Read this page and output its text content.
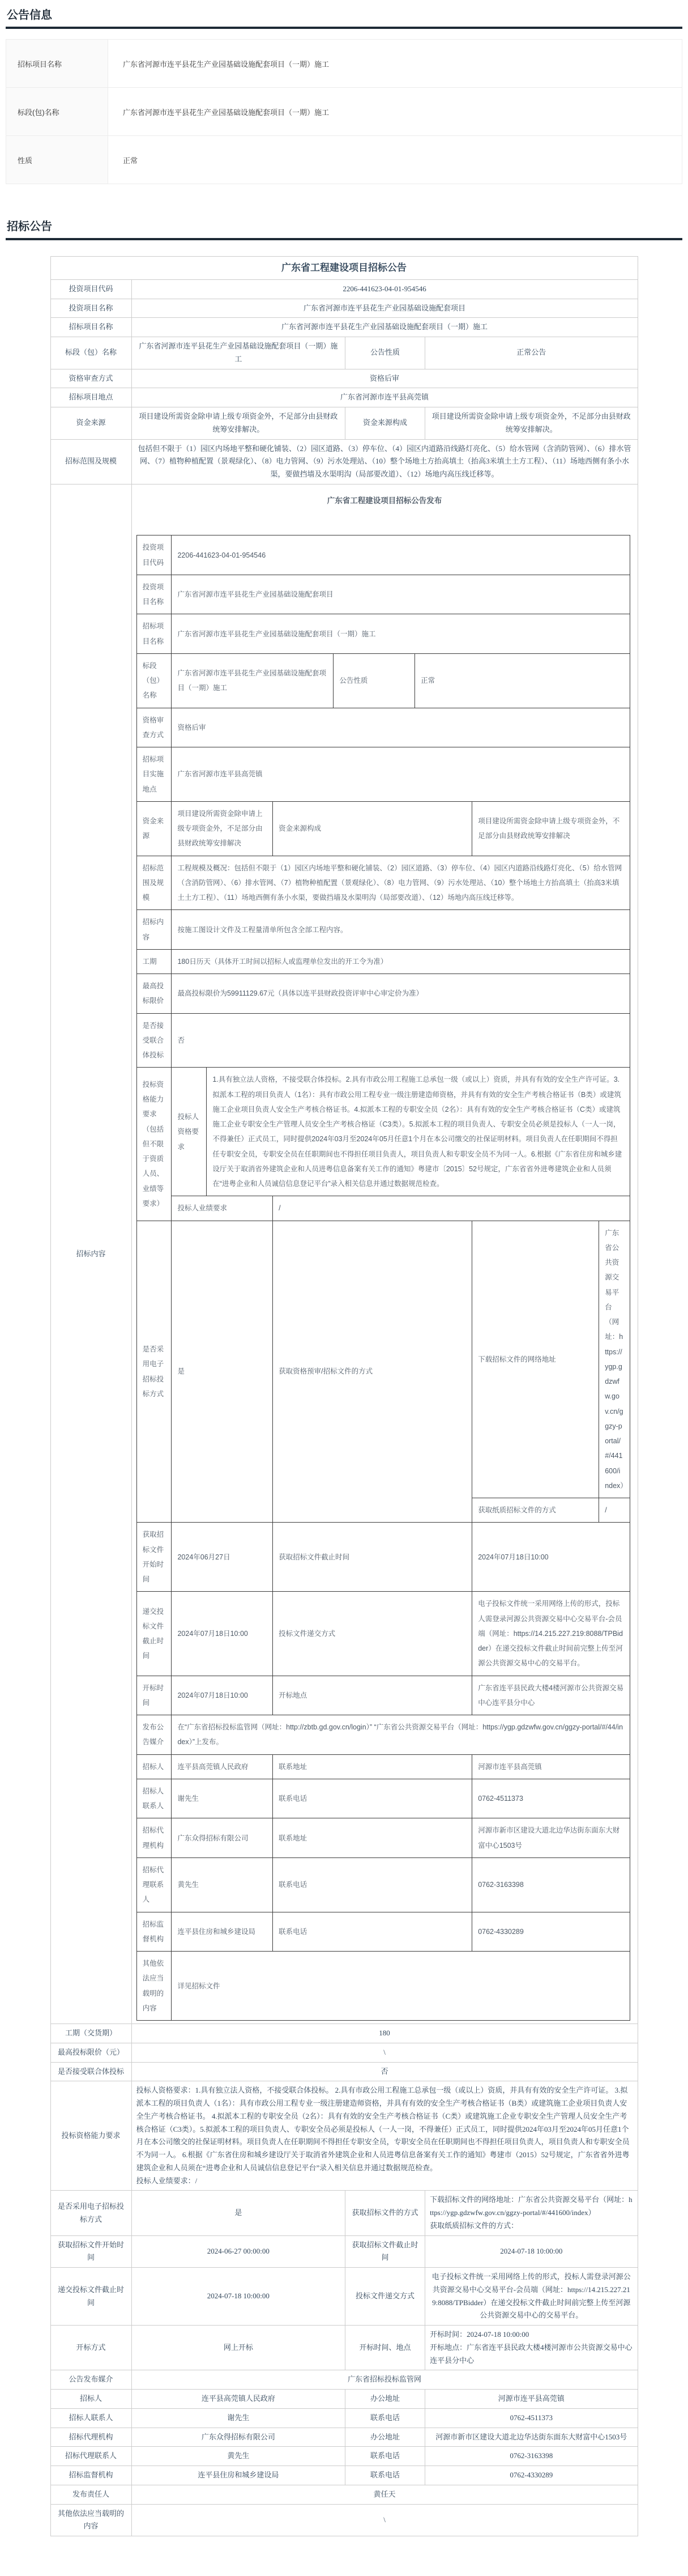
公告信息
招标项目名称	广东省河源市连平县花生产业园基础设施配套项目（一期）施工
标段(包)名称	广东省河源市连平县花生产业园基础设施配套项目（一期）施工
性质	正常
招标公告
广东省工程建设项目招标公告
投资项目代码	2206-441623-04-01-954546
投资项目名称	广东省河源市连平县花生产业园基础设施配套项目
招标项目名称	广东省河源市连平县花生产业园基础设施配套项目（一期）施工
标段（包）名称	广东省河源市连平县花生产业园基础设施配套项目（一期）施工	公告性质	正常公告
资格审查方式	资格后审
招标项目地点	广东省河源市连平县高莞镇
资金来源	项目建设所需资金除申请上级专项资金外，不足部分由县财政统筹安排解决。	资金来源构成	项目建设所需资金除申请上级专项资金外，不足部分由县财政统筹安排解决。
招标范围及规模	包括但不限于（1）园区内场地平整和硬化铺装、（2）园区道路、（3）停车位、（4）园区内道路沿线路灯亮化、（5）给水管网（含消防管网）、（6）排水管网、（7）植物种植配置（景观绿化）、（8）电力管网、（9）污水处理站、（10）整个场地土方抬高填土（抬高3米填土土方工程）、（11）场地西侧有条小水渠，要做挡墙及水渠明沟（局部要改道）、（12）场地内高压线迁移等。
招标内容	
广东省工程建设项目招标公告发布
投资项目代码	2206-441623-04-01-954546
投资项目名称	广东省河源市连平县花生产业园基础设施配套项目
招标项目名称	广东省河源市连平县花生产业园基础设施配套项目（一期）施工
标段（包）名称	广东省河源市连平县花生产业园基础设施配套项目（一期）施工	公告性质	正常
资格审查方式	资格后审
招标项目实施地点	广东省河源市连平县高莞镇
资金来源	项目建设所需资金除申请上级专项资金外，不足部分由县财政统筹安排解决	资金来源构成	项目建设所需资金除申请上级专项资金外，不足部分由县财政统筹安排解决
招标范围及规模	工程规模及概况：包括但不限于（1）园区内场地平整和硬化铺装、（2）园区道路、（3）停车位、（4）园区内道路沿线路灯亮化、（5）给水管网（含消防管网）、（6）排水管网、（7）植物种植配置（景观绿化）、（8）电力管网、（9）污水处理站、（10）整个场地土方抬高填土（抬高3米填土土方工程）、（11）场地西侧有条小水渠，要做挡墙及水渠明沟（局部要改道）、（12）场地内高压线迁移等。
招标内容	按施工图设计文件及工程量清单所包含全部工程内容。
工期	180日历天（具体开工时间以招标人或监理单位发出的开工令为准）
最高投标限价	最高投标限价为59911129.67元（具体以连平县财政投资评审中心审定价为准）
是否接受联合体投标	否
投标资格能力要求（包括但不限于资质人员、业绩等要求）	投标人资格要求	1.具有独立法人资格，不接受联合体投标。2.具有市政公用工程施工总承包一级（或以上）资质，并具有有效的安全生产许可证。3.拟派本工程的项目负责人（1名）：具有市政公用工程专业一级注册建造师资格，并具有有效的安全生产考核合格证书（B类）或建筑施工企业项目负责人安全生产考核合格证书。4.拟派本工程的专职安全员（2名）：具有有效的安全生产考核合格证书（C类）或建筑施工企业专职安全生产管理人员安全生产考核合格证（C3类）。5.拟派本工程的项目负责人、专职安全员必须是投标人（一人一岗，不得兼任）正式员工，同时提供2024年03月至2024年05月任意1个月在本公司缴交的社保证明材料。项目负责人在任职期间不得担任专职安全员，专职安全员在任职期间也不得担任项目负责人，项目负责人和专职安全员不为同一人。6.根据《广东省住房和城乡建设厅关于取消省外建筑企业和人员进粤信息备案有关工作的通知》粤建市〔2015〕52号规定，广东省省外进粤建筑企业和人员须在“进粤企业和人员诚信信息登记平台”录入相关信息并通过数据规范检查。
投标人业绩要求	/
是否采用电子招标投标方式	是	获取资格预审/招标文件的方式	下载招标文件的网络地址	广东省公共资源交易平台（网址：https://ygp.gdzwfw.gov.cn/ggzy-portal/#/441600/index）
获取纸质招标文件的方式	/
获取招标文件开始时间	2024年06月27日	获取招标文件截止时间	2024年07月18日10:00
递交投标文件截止时间	2024年07月18日10:00	投标文件递交方式	电子投标文件统一采用网络上传的形式，投标人需登录河源公共资源交易中心交易平台-会员端（网址：https://14.215.227.219:8088/TPBidder）在递交投标文件截止时间前完整上传至河源公共资源交易中心的交易平台。
开标时间	2024年07月18日10:00	开标地点	广东省连平县民政大楼4楼河源市公共资源交易中心连平县分中心
发布公告媒介	在“广东省招标投标监管网（网址：http://zbtb.gd.gov.cn/login）” “广东省公共资源交易平台（网址：https://ygp.gdzwfw.gov.cn/ggzy-portal/#/44/index）”上发布。
招标人	连平县高莞镇人民政府	联系地址	河源市连平县高莞镇
招标人联系人	谢先生	联系电话	0762-4511373
招标代理机构	广东众得招标有限公司	联系地址	河源市新市区建设大道北边华达街东面东大财富中心1503号
招标代理联系人	黄先生	联系电话	0762-3163398
招标监督机构	连平县住房和城乡建设局	联系电话	0762-4330289
其他依法应当载明的内容	详见招标文件

工期（交货期）	180
最高投标限价（元）	\
是否接受联合体投标	否
投标资格能力要求	
投标人资格要求：1.具有独立法人资格，不接受联合体投标。 2.具有市政公用工程施工总承包一级（或以上）资质，并具有有效的安全生产许可证。 3.拟派本工程的项目负责人（1名）：具有市政公用工程专业一级注册建造师资格，并具有有效的安全生产考核合格证书（B类）或建筑施工企业项目负责人安全生产考核合格证书。 4.拟派本工程的专职安全员（2名）：具有有效的安全生产考核合格证书（C类）或建筑施工企业专职安全生产管理人员安全生产考核合格证（C3类）。5.拟派本工程的项目负责人、专职安全员必须是投标人（一人一岗，不得兼任）正式员工，同时提供2024年03月至2024年05月任意1个月在本公司缴交的社保证明材料。项目负责人在任职期间不得担任专职安全员，专职安全员在任职期间也不得担任项目负责人，项目负责人和专职安全员不为同一人。 6.根据《广东省住房和城乡建设厅关于取消省外建筑企业和人员进粤信息备案有关工作的通知》粤建市（2015）52号规定，广东省省外进粤建筑企业和人员须在“进粤企业和人员诚信信息登记平台”录入相关信息并通过数据规范检查。
投标人业绩要求：/

是否采用电子招标投标方式	是	获取招标文件的方式	
下载招标文件的网络地址：广东省公共资源交易平台（网址：https://ygp.gdzwfw.gov.cn/ggzy-portal/#/441600/index）
获取纸质招标文件的方式：

获取招标文件开始时间	2024-06-27 00:00:00	获取招标文件截止时间	2024-07-18 10:00:00
递交投标文件截止时间	2024-07-18 10:00:00	投标文件递交方式	电子投标文件统一采用网络上传的形式，投标人需登录河源公共资源交易中心交易平台-会员端（网址：https://14.215.227.219:8088/TPBidder）在递交投标文件截止时间前完整上传至河源公共资源交易中心的交易平台。
开标方式	网上开标	开标时间、地点	
开标时间：2024-07-18 10:00:00
开标地点：广东省连平县民政大楼4楼河源市公共资源交易中心连平县分中心

公告发布媒介	广东省招标投标监管网
招标人	连平县高莞镇人民政府	办公地址	河源市连平县高莞镇
招标人联系人	谢先生	联系电话	0762-4511373
招标代理机构	广东众得招标有限公司	办公地址	河源市新市区建设大道北边华达街东面东大财富中心1503号
招标代理联系人	黄先生	联系电话	0762-3163398
招标监督机构	连平县住房和城乡建设局	联系电话	0762-4330289
发布责任人	黄任天
其他依法应当载明的内容	\
